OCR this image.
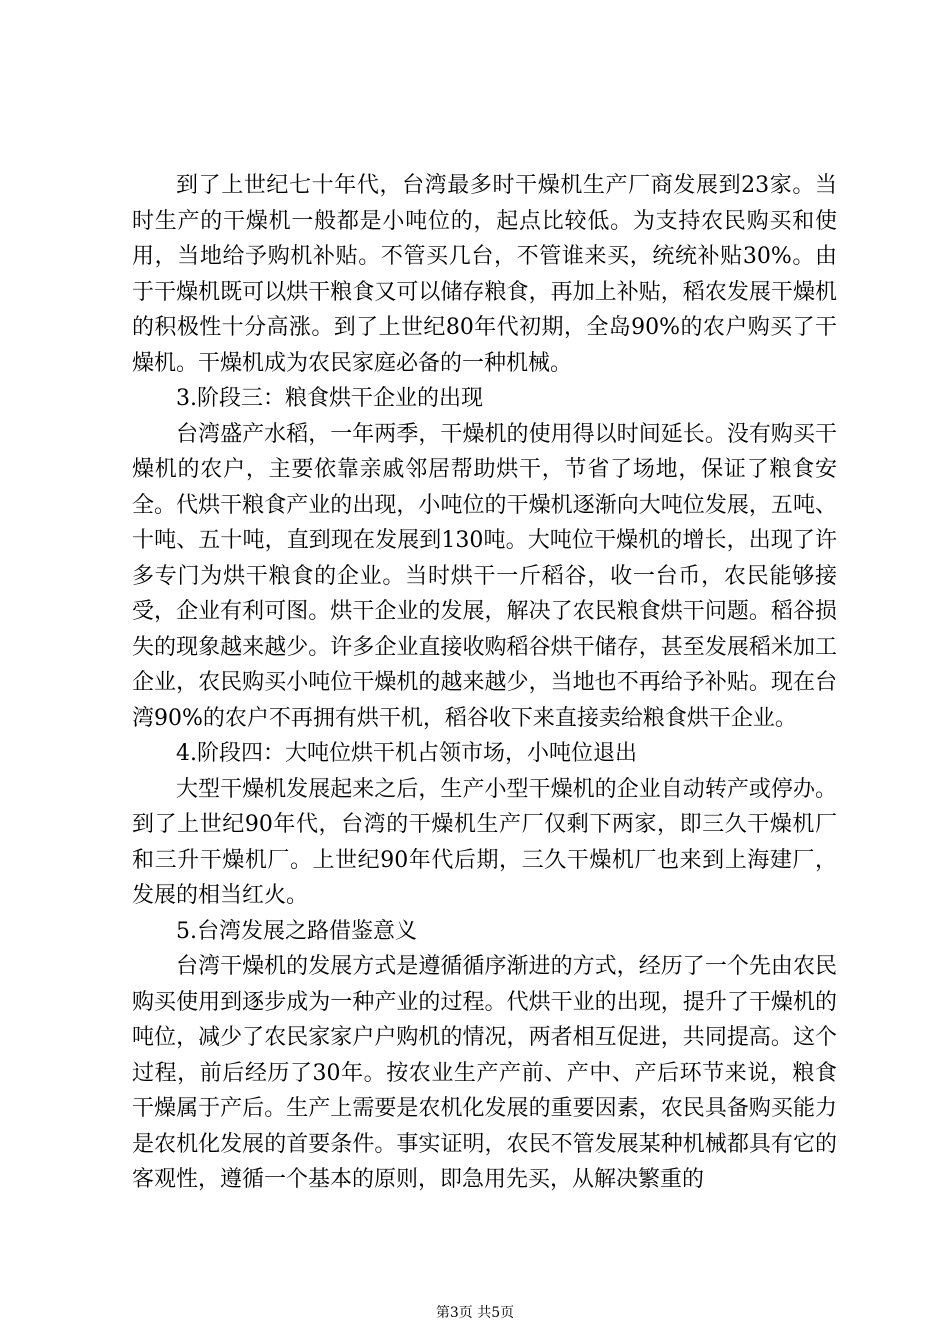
到了上世纪七十年代，台湾最多时干燥机生产厂商发展到23家。当时生产的干燥机一般都是小吨位的，起点比较低。为支持农民购买和使用，当地给予购机补贴。不管买几台，不管谁来买，统统补贴30%。由于干燥机既可以烘干粮食又可以储存粮食，再加上补贴，稻农发展干燥机的积极性十分高涨。到了上世纪80年代初期，全岛90%的农户购买了干燥机。干燥机成为农民家庭必备的一种机械。

3.阶段三：粮食烘干企业的出现

台湾盛产水稻，一年两季，干燥机的使用得以时间延长。没有购买干燥机的农户，主要依靠亲戚邻居帮助烘干，节省了场地，保证了粮食安全。代烘干粮食产业的出现，小吨位的干燥机逐渐向大吨位发展，五吨、十吨、五十吨，直到现在发展到130吨。大吨位干燥机的增长，出现了许多专门为烘干粮食的企业。当时烘干一斤稻谷，收一台币，农民能够接受，企业有利可图。烘干企业的发展，解决了农民粮食烘干问题。稻谷损失的现象越来越少。许多企业直接收购稻谷烘干储存，甚至发展稻米加工企业，农民购买小吨位干燥机的越来越少，当地也不再给予补贴。现在台湾90%的农户不再拥有烘干机，稻谷收下来直接卖给粮食烘干企业。

4.阶段四：大吨位烘干机占领市场，小吨位退出

大型干燥机发展起来之后，生产小型干燥机的企业自动转产或停办。到了上世纪90年代，台湾的干燥机生产厂仅剩下两家，即三久干燥机厂和三升干燥机厂。上世纪90年代后期，三久干燥机厂也来到上海建厂，发展的相当红火。

5.台湾发展之路借鉴意义

台湾干燥机的发展方式是遵循循序渐进的方式，经历了一个先由农民购买使用到逐步成为一种产业的过程。代烘干业的出现，提升了干燥机的吨位，减少了农民家家户户购机的情况，两者相互促进，共同提高。这个过程，前后经历了30年。按农业生产产前、产中、产后环节来说，粮食干燥属于产后。生产上需要是农机化发展的重要因素，农民具备购买能力是农机化发展的首要条件。事实证明，农民不管发展某种机械都具有它的客观性，遵循一个基本的原则，即急用先买，从解决繁重的

第3页 共5页
